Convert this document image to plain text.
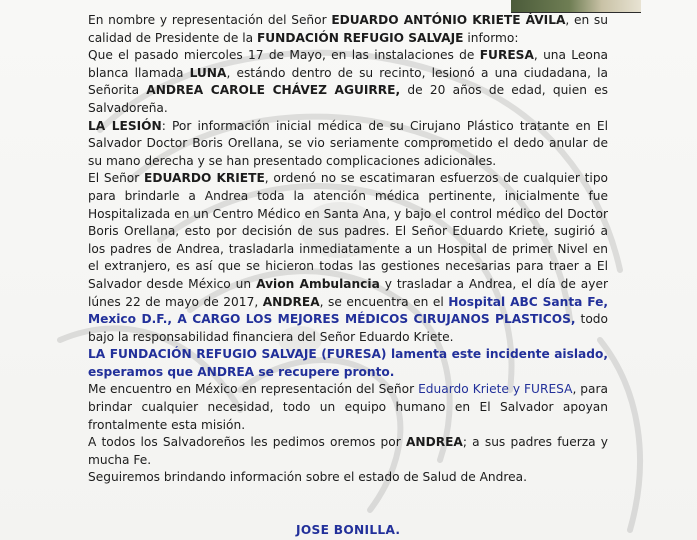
En nombre y representación del Señor EDUARDO ANTÓNIO KRIETE ÁVILA, en su calidad de Presidente de la FUNDACIÓN REFUGIO SALVAJE informo:

Que el pasado miercoles 17 de Mayo, en las instalaciones de FURESA, una Leona blanca llamada LUNA, estándo dentro de su recinto, lesionó a una ciudadana, la Señorita ANDREA CAROLE CHÁVEZ AGUIRRE, de 20 años de edad, quien es Salvadoreña.

LA LESIÓN: Por información inicial médica de su Cirujano Plástico tratante en El Salvador Doctor Boris Orellana, se vio seriamente comprometido el dedo anular de su mano derecha y se han presentado complicaciones adicionales.

El Señor EDUARDO KRIETE, ordenó no se escatimaran esfuerzos de cualquier tipo para brindarle a Andrea toda la atención médica pertinente, inicialmente fue Hospitalizada en un Centro Médico en Santa Ana, y bajo el control médico del Doctor Boris Orellana, esto por decisión de sus padres. El Señor Eduardo Kriete, sugirió a los padres de Andrea, trasladarla inmediatamente a un Hospital de primer Nivel en el extranjero, es así que se hicieron todas las gestiones necesarias para traer a El Salvador desde México un Avion Ambulancia y trasladar a Andrea, el día de ayer lúnes 22 de mayo de 2017, ANDREA, se encuentra en el Hospital ABC Santa Fe, Mexico D.F., A CARGO LOS MEJORES MÉDICOS CIRUJANOS PLASTICOS, todo bajo la responsabilidad financiera del Señor Eduardo Kriete.

LA FUNDACIÓN REFUGIO SALVAJE (FURESA) lamenta este incidente aislado, esperamos que ANDREA se recupere pronto.

Me encuentro en México en representación del Señor Eduardo Kriete y FURESA, para brindar cualquier necesidad, todo un equipo humano en El Salvador apoyan frontalmente esta misión.

A todos los Salvadoreños les pedimos oremos por ANDREA; a sus padres fuerza y mucha Fe.

Seguiremos brindando información sobre el estado de Salud de Andrea.

JOSE BONILLA.
